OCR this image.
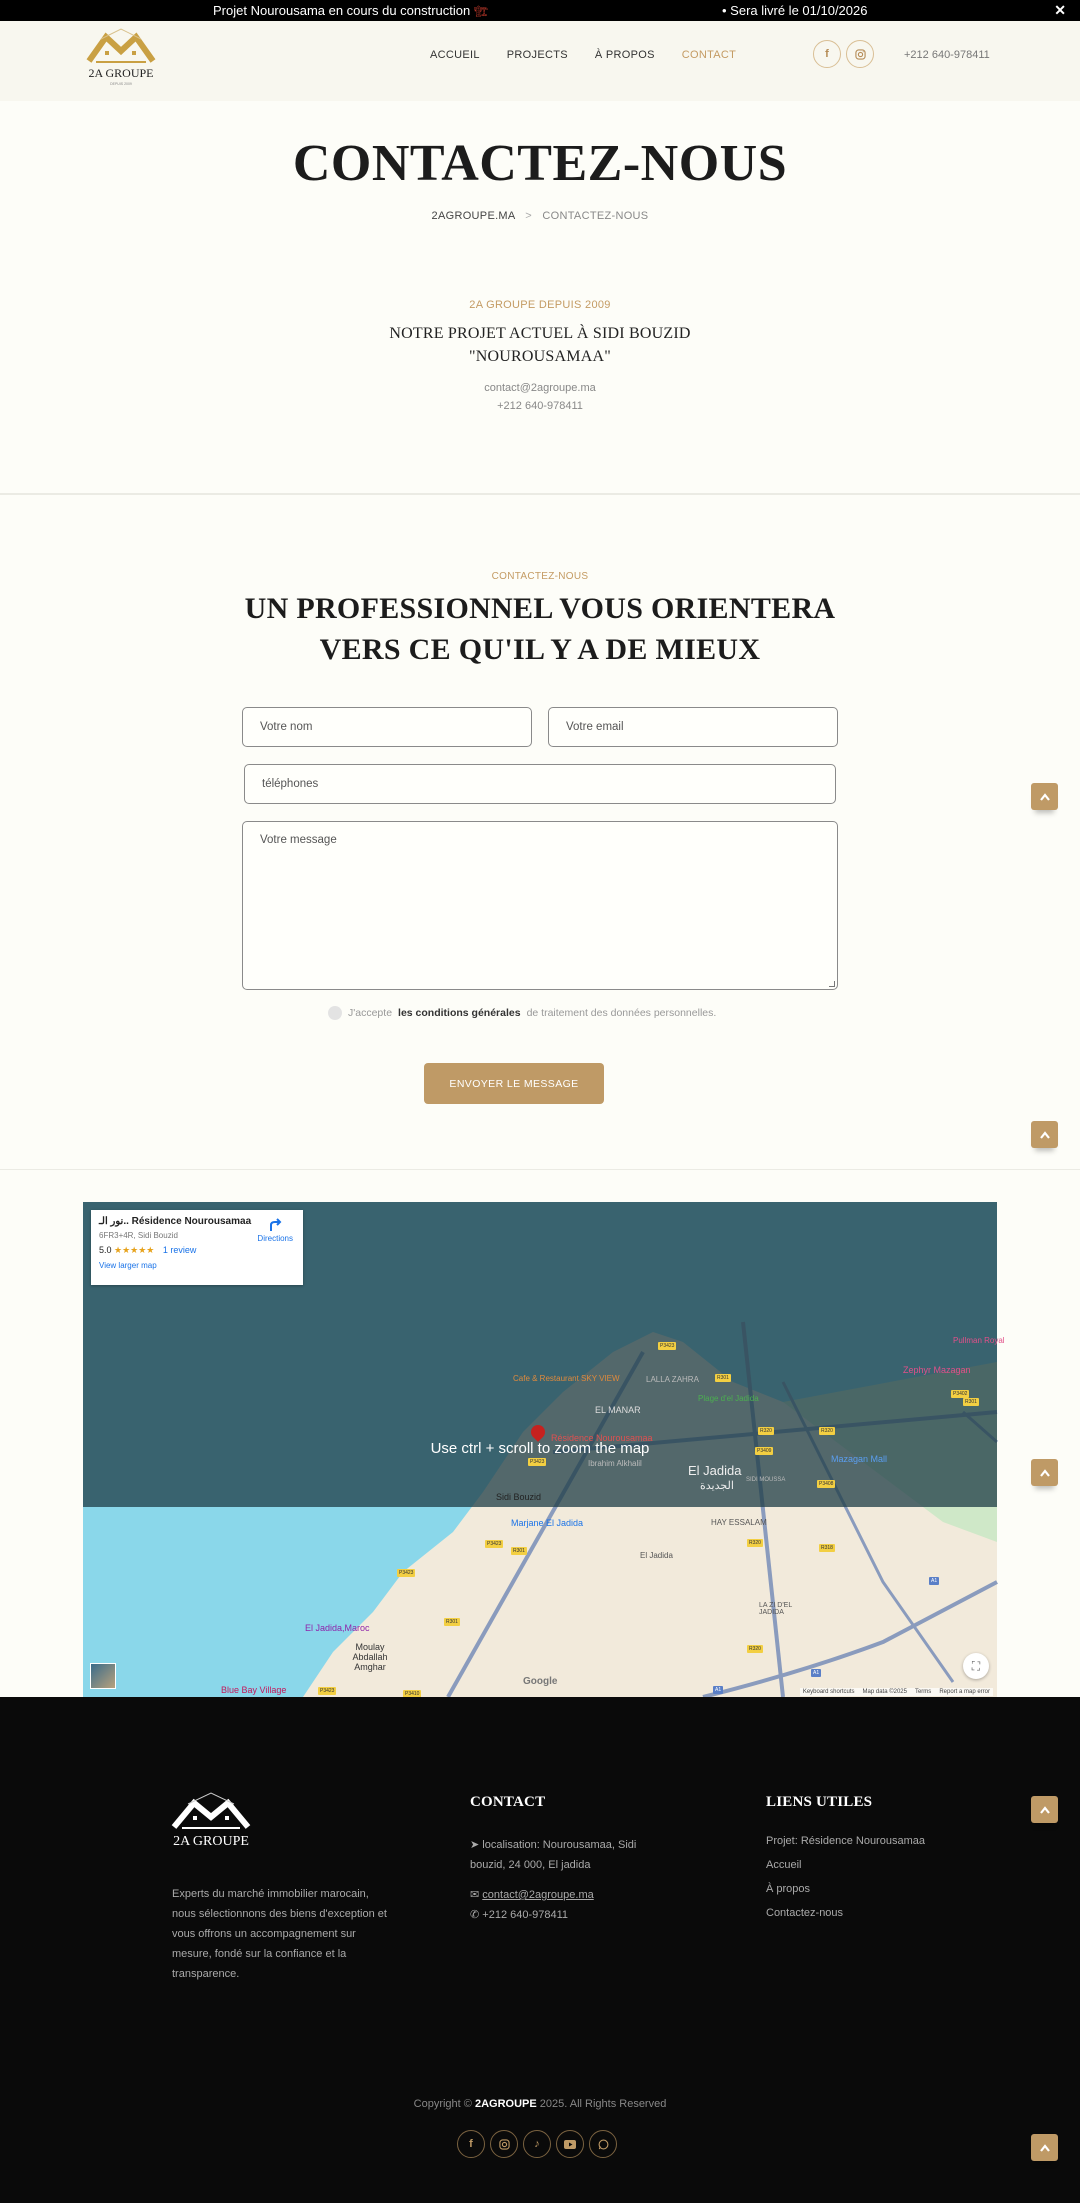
Projet Nourousama en cours du construction 🏗	• Sera livré le 01/10/2026	✕
2A GROUPE
DEPUIS 2009
ACCUEIL PROJECTS À PROPOS CONTACT	f	+212 640-978411
CONTACTEZ-NOUS
2AGROUPE.MA > CONTACTEZ-NOUS
2A GROUPE DEPUIS 2009
NOTRE PROJET ACTUEL À SIDI BOUZID
"NOUROUSAMAA"
contact@2agroupe.ma
+212 640-978411
CONTACTEZ-NOUS
UN PROFESSIONNEL VOUS ORIENTERA
VERS CE QU'IL Y A DE MIEUX
Votre nom
Votre email
téléphones
Votre message
J'accepte les conditions générales de traitement des données personnelles.
ENVOYER LE MESSAGE
Cafe & Restaurant SKY VIEW	LALLA ZAHRA
EL MANAR
Plage d'el Jadida
Résidence Nourousamaa
Ibrahim Alkhalil	El Jadida
الجديدة SIDI MOUSSA
Mazagan Mall
Zephyr Mazagan
Pullman Royal
Sidi Bouzid
Marjane El Jadida	HAY ESSALAM
El Jadida
LA ZI D'EL JADIDA
El Jadida,Maroc
Moulay Abdallah Amghar
Blue Bay Village
P3423
R301
R320
P3409
R320
P3402
R301
P3408
P3423
P3423
R301
P3423
R301
R320
R318
R320
A1
A1
A1
P3423	P3410
Use ctrl + scroll to zoom the map
نور الـ.. Résidence Nourousamaa
6FR3+4R, Sidi Bouzid
5.0 ★★★★★ 1 review
View larger map
Directions
Google
⛶
Keyboard shortcuts Map data ©2025 Terms Report a map error
2A GROUPE

Experts du marché immobilier marocain, nous sélectionnons des biens d'exception et vous offrons un accompagnement sur mesure, fondé sur la confiance et la transparence.

CONTACT
➤ localisation: Nourousamaa, Sidi bouzid, 24 000, El jadida
✉ contact@2agroupe.ma
✆ +212 640-978411
LIENS UTILES
Projet: Résidence Nourousamaa
Accueil
À propos
Contactez-nous
Copyright © 2AGROUPE 2025. All Rights Reserved
f	♪
